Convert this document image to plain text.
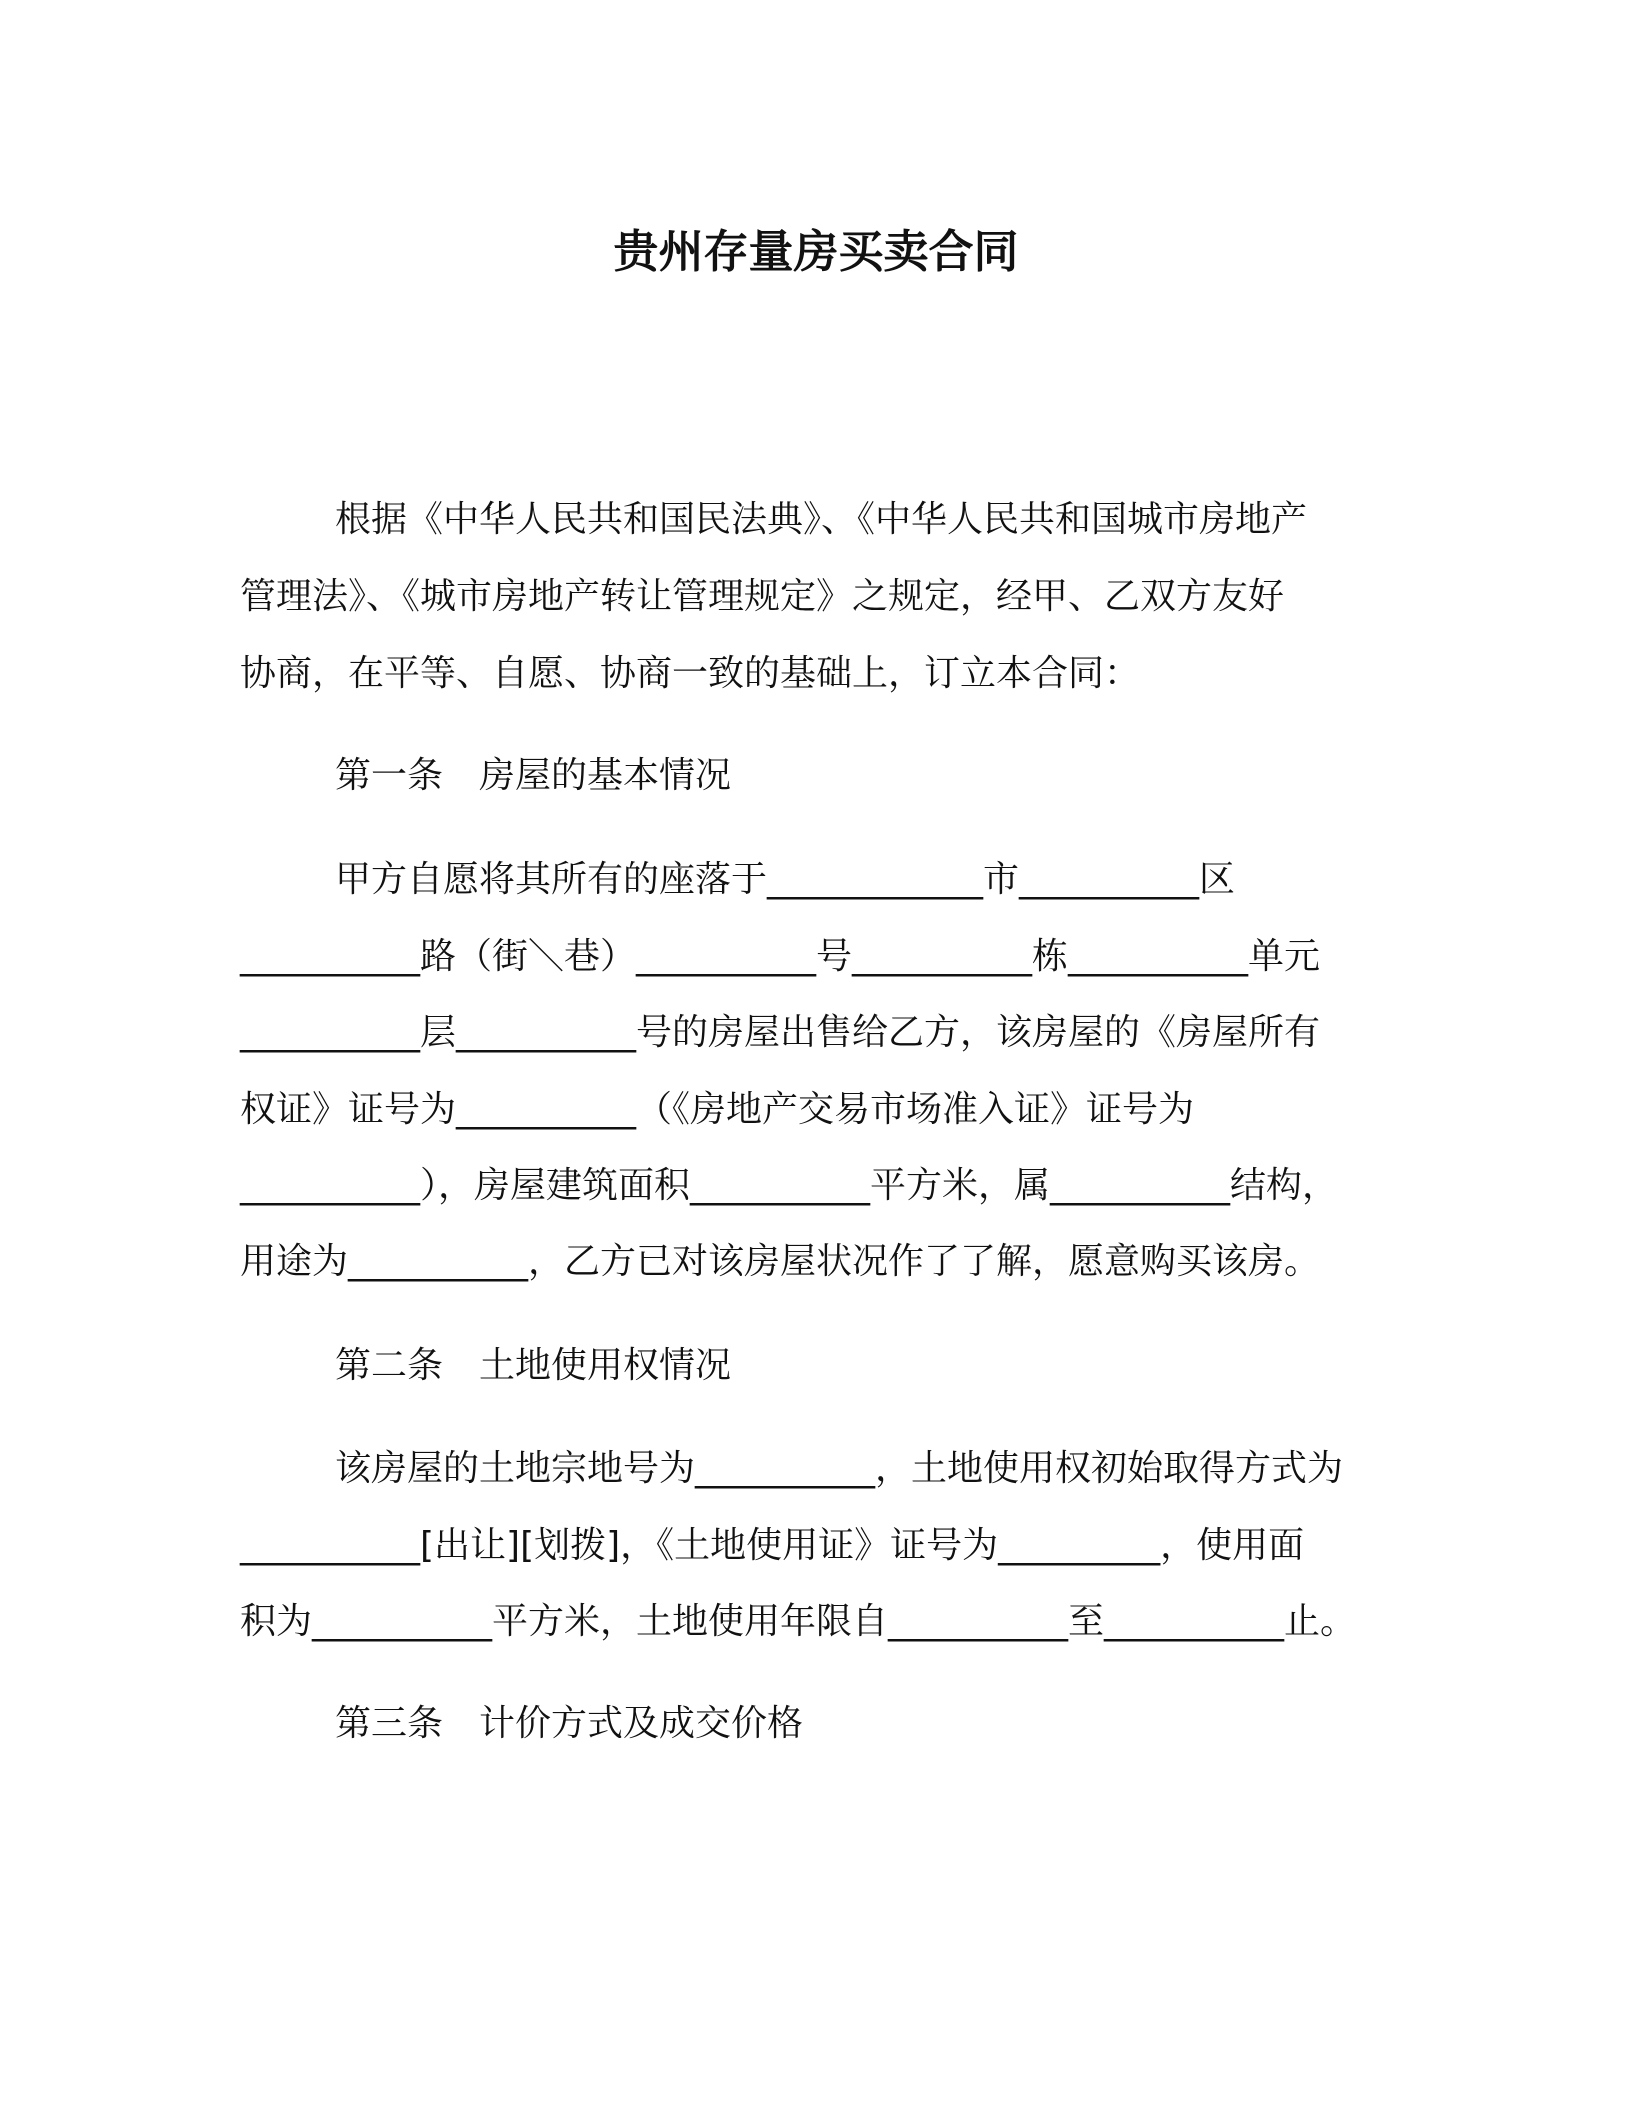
贵州存量房买卖合同
根据《中华人民共和国民法典》、《中华人民共和国城市房地产
管理法》、《城市房地产转让管理规定》之规定，经甲、乙双方友好
协商，在平等、自愿、协商一致的基础上，订立本合同：
第一条　房屋的基本情况
甲方自愿将其所有的座落于____________市__________区
__________路（街＼巷）__________号__________栋__________单元
__________层__________号的房屋出售给乙方，该房屋的《房屋所有
权证》证号为__________（《房地产交易市场准入证》证号为
__________），房屋建筑面积__________平方米，属__________结构，
用途为__________，乙方已对该房屋状况作了了解，愿意购买该房。
第二条　土地使用权情况
该房屋的土地宗地号为__________，土地使用权初始取得方式为
__________[出让][划拨]，《土地使用证》证号为_________，使用面
积为__________平方米，土地使用年限自__________至__________止。
第三条　计价方式及成交价格
